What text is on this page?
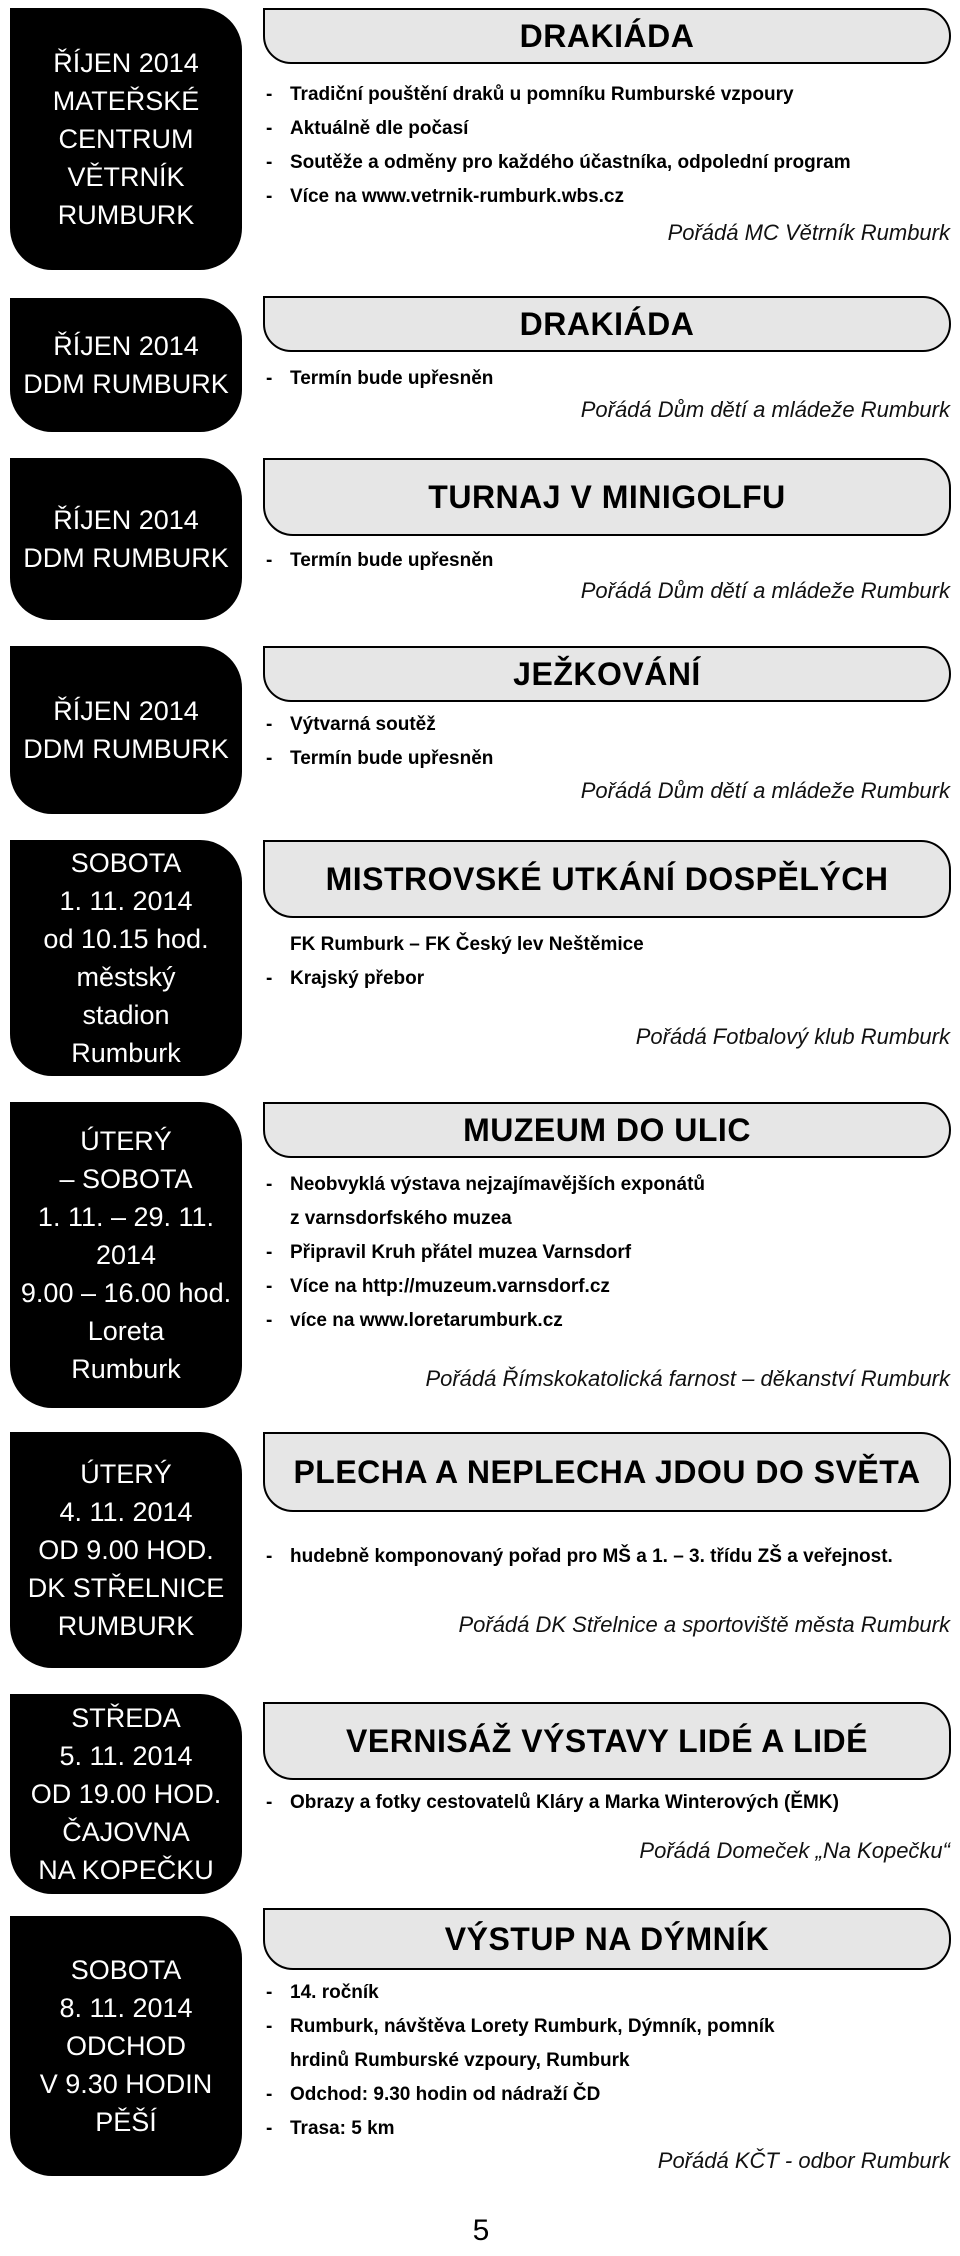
ŘÍJEN 2014
MATEŘSKÉ
CENTRUM
VĚTRNÍK
RUMBURK
DRAKIÁDA
- Tradiční pouštění draků u pomníku Rumburské vzpoury
- Aktuálně dle počasí
- Soutěže a odměny pro každého účastníka, odpolední program
- Více na www.vetrnik-rumburk.wbs.cz
Pořádá MC Větrník Rumburk
ŘÍJEN 2014
DDM RUMBURK
DRAKIÁDA
- Termín bude upřesněn
Pořádá Dům dětí a mládeže Rumburk
ŘÍJEN 2014
DDM RUMBURK
TURNAJ V MINIGOLFU
- Termín bude upřesněn
Pořádá Dům dětí a mládeže Rumburk
ŘÍJEN 2014
DDM RUMBURK
JEŽKOVÁNÍ
- Výtvarná soutěž
- Termín bude upřesněn
Pořádá Dům dětí a mládeže Rumburk
SOBOTA
1. 11. 2014
od 10.15 hod.
městský
stadion
Rumburk
MISTROVSKÉ UTKÁNÍ DOSPĚLÝCH
FK Rumburk – FK Český lev Neštěmice
- Krajský přebor
Pořádá Fotbalový klub Rumburk
ÚTERÝ
– SOBOTA
1. 11. – 29. 11.
2014
9.00 – 16.00 hod.
Loreta
Rumburk
MUZEUM DO ULIC
- Neobvyklá výstava nejzajímavějších exponátů
z varnsdorfského muzea
- Připravil Kruh přátel muzea Varnsdorf
- Více na http://muzeum.varnsdorf.cz
- více na www.loretarumburk.cz
Pořádá Římskokatolická farnost – děkanství Rumburk
ÚTERÝ
4. 11. 2014
OD 9.00 HOD.
DK STŘELNICE
RUMBURK
PLECHA A NEPLECHA JDOU DO SVĚTA
- hudebně komponovaný pořad pro MŠ a 1. – 3. třídu ZŠ a veřejnost.
Pořádá DK Střelnice a sportoviště města Rumburk
STŘEDA
5. 11. 2014
OD 19.00 HOD.
ČAJOVNA
NA KOPEČKU
VERNISÁŽ VÝSTAVY LIDÉ A LIDÉ
- Obrazy a fotky cestovatelů Kláry a Marka Winterových (ĚMK)
Pořádá Domeček „Na Kopečku“
SOBOTA
8. 11. 2014
ODCHOD
V 9.30 HODIN
PĚŠÍ
VÝSTUP NA DÝMNÍK
- 14. ročník
- Rumburk, návštěva Lorety Rumburk, Dýmník, pomník
hrdinů Rumburské vzpoury, Rumburk
- Odchod: 9.30 hodin od nádraží ČD
- Trasa: 5 km
Pořádá KČT - odbor Rumburk
5
